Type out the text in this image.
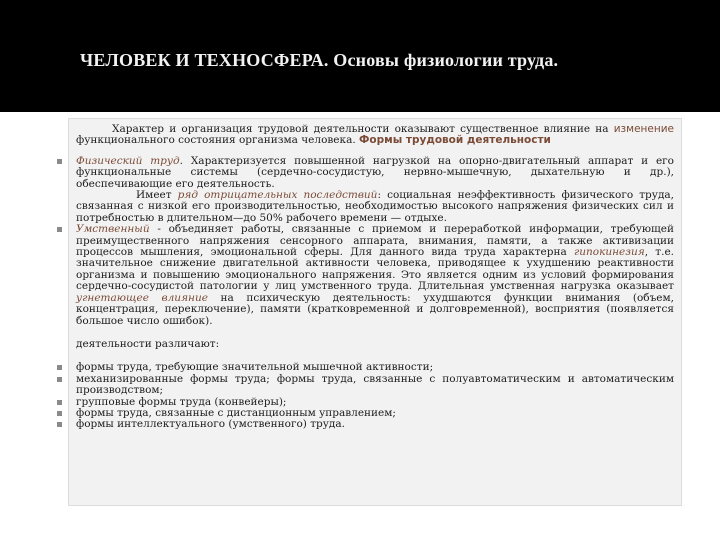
ЧЕЛОВЕК И ТЕХНОСФЕРА. Основы физиологии труда.

Характер и организация трудовой деятельности оказывают существенное влияние на изменение функционального состояния организма человека. Формы трудовой деятельности

Физический труд. Характеризуется повышенной нагрузкой на опорно-двигательный аппарат и его функциональные системы (сердечно-сосудистую, нервно-мышечную, дыхательную и др.), обеспечивающие его деятельность.
Имеет ряд отрицательных последствий: социальная неэффективность физического труда, связанная с низкой его производительностью, необходимостью высокого напряжения физических сил и потребностью в длительном—до 50% рабочего времени — отдыхе.
Умственный - объединяет работы, связанные с приемом и переработкой информации, требующей преимущественного напряжения сенсорного аппарата, внимания, памяти, а также активизации процессов мышления, эмоциональной сферы. Для данного вида труда характерна гипокинезия, т.е. значительное снижение двигательной активности человека, приводящее к ухудшению реактивности организма и повышению эмоционального напряжения. Это является одним из условий формирования сердечно-сосудистой патологии у лиц умственного труда. Длительная умственная нагрузка оказывает угнетающее влияние на психическую деятельность: ухудшаются функции внимания (объем, концентрация, переключение), памяти (кратковременной и долговременной), восприятия (появляется большое число ошибок).
деятельности различают:
формы труда, требующие значительной мышечной активности;
механизированные формы труда; формы труда, связанные с полуавтоматическим и автоматическим производством;
групповые формы труда (конвейеры);
формы труда, связанные с дистанционным управлением;
формы интеллектуального (умственного) труда.
